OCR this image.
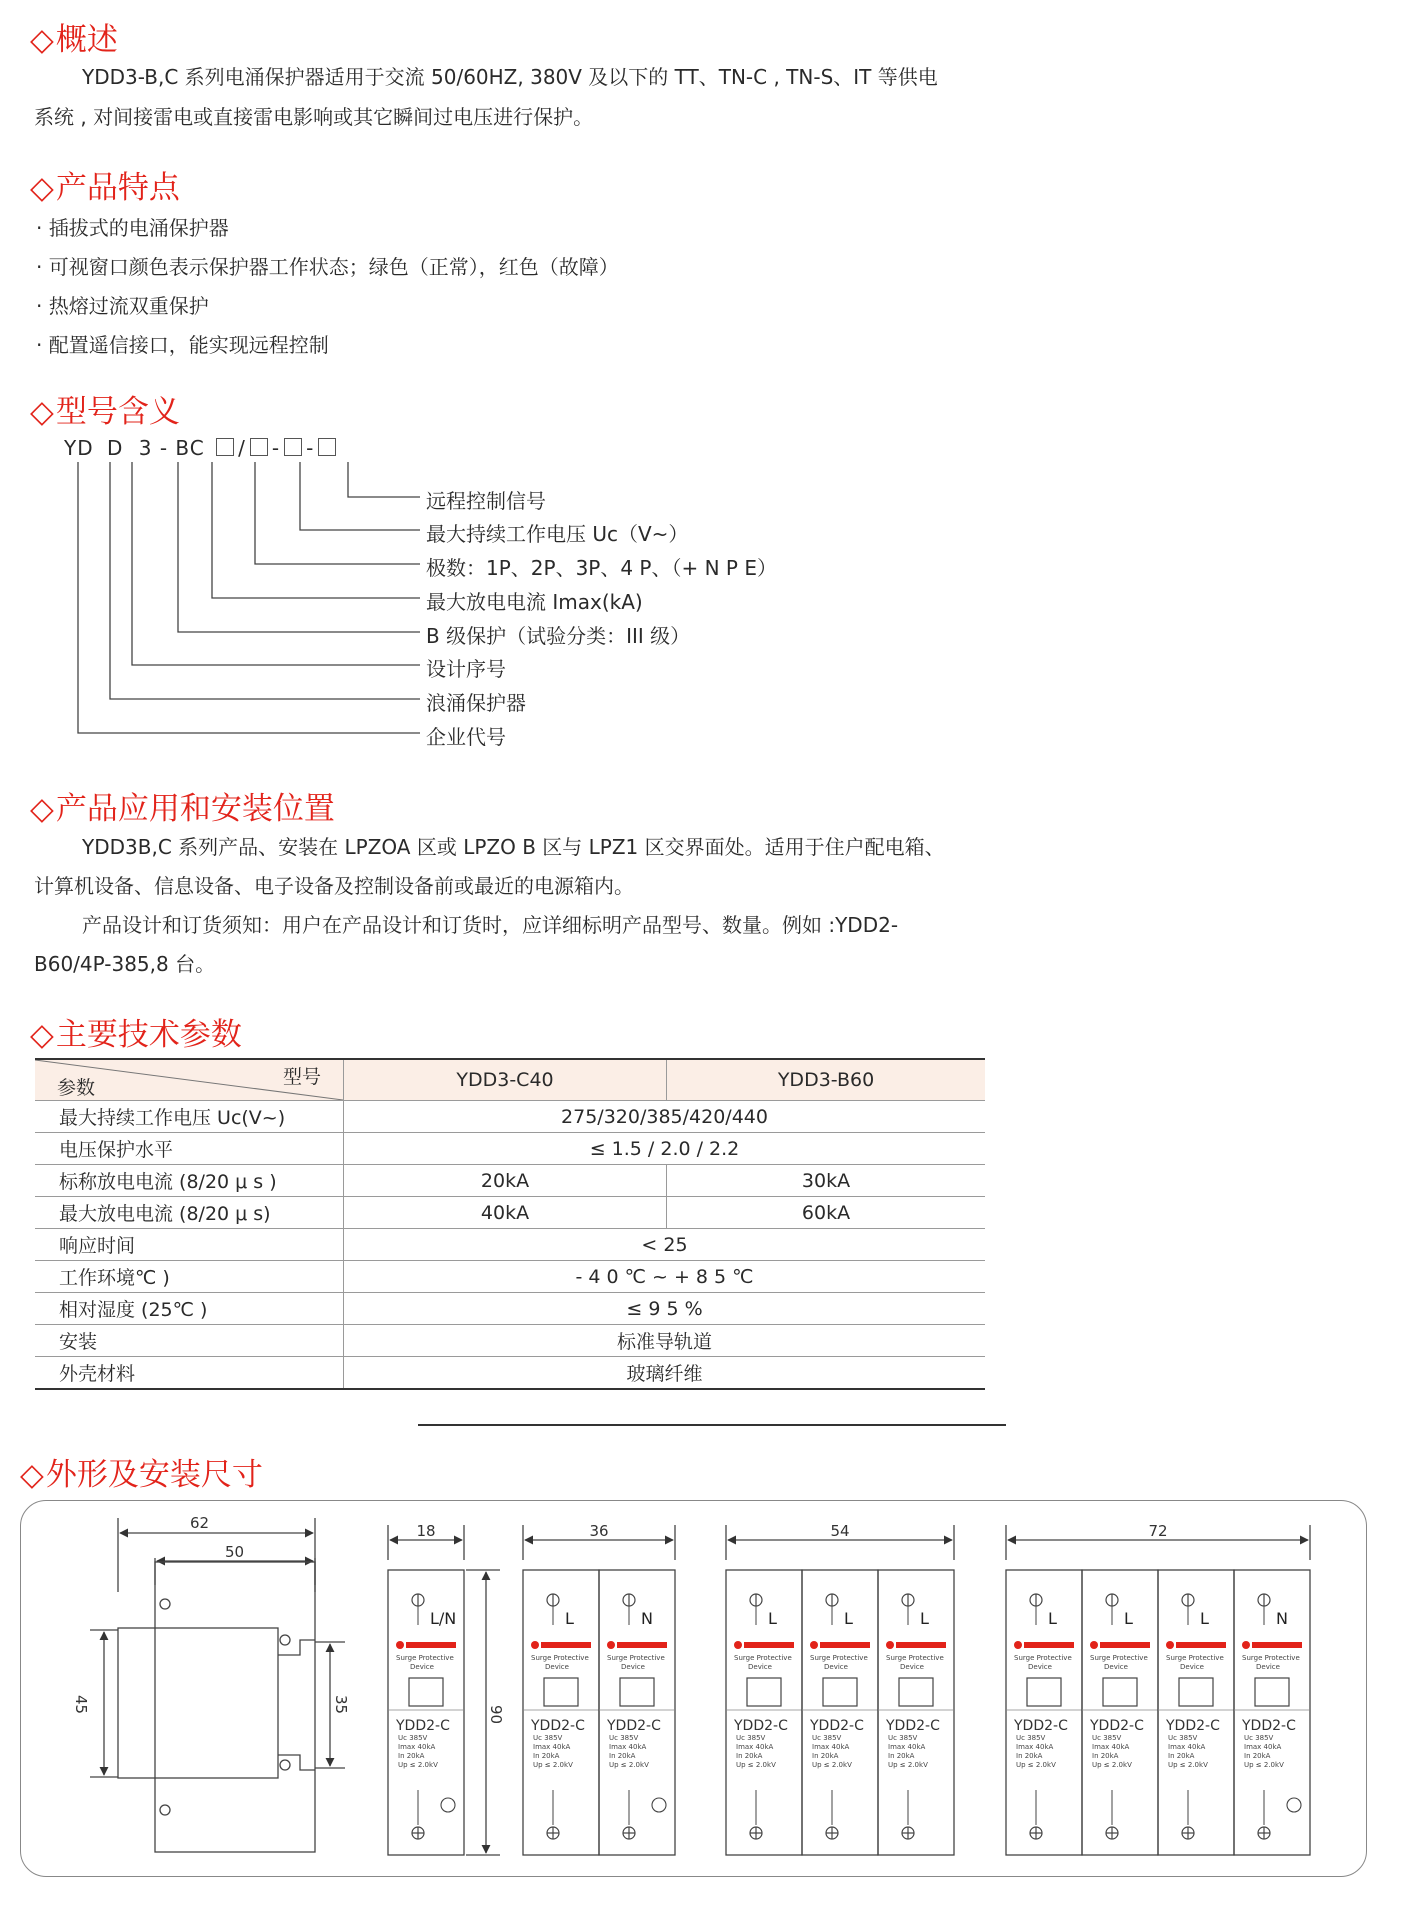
◇概述
YDD3-B,C 系列电涌保护器适用于交流 50/60HZ, 380V 及以下的 TT、TN-C , TN-S、IT 等供电
系统 , 对间接雷电或直接雷电影响或其它瞬间过电压进行保护。
◇产品特点
· 插拔式的电涌保护器
· 可视窗口颜色表示保护器工作状态；绿色（正常），红色（故障）
· 热熔过流双重保护
· 配置遥信接口，能实现远程控制
◇型号含义
YD D 3 - BC / - -
远程控制信号
最大持续工作电压 Uc（V~）
极数：1P、2P、3P、4 P、（+ N P E）
最大放电电流 Imax(kA)
B 级保护（试验分类：III 级）
设计序号
浪涌保护器
企业代号
◇产品应用和安装位置
YDD3B,C 系列产品、安装在 LPZOA 区或 LPZO B 区与 LPZ1 区交界面处。适用于住户配电箱、
计算机设备、信息设备、电子设备及控制设备前或最近的电源箱内。
产品设计和订货须知：用户在产品设计和订货时，应详细标明产品型号、数量。例如 :YDD2-
B60/4P-385,8 台。
◇主要技术参数
型号
参数	YDD3-C40	YDD3-B60
最大持续工作电压 Uc(V~)	275/320/385/420/440	
电压保护水平	≤ 1.5 / 2.0 / 2.2	
标称放电电流 (8/20 μ s )	20kA	30kA
最大放电电流 (8/20 μ s)	40kA	60kA
响应时间	< 25	
工作环境℃ )	- 4 0 ℃ ~ + 8 5 ℃	
相对湿度 (25℃ )	≤ 9 5 %	
安装	标准导轨道	
外壳材料	玻璃纤维	
◇外形及安装尺寸
62
50
45	35
90
18
L/N
Surge Protective
Device
YDD2-C
Uc 385V
Imax 40kA
In 20kA
Up ≤ 2.0kV
36
L
Surge Protective
Device
YDD2-C
Uc 385V
Imax 40kA
In 20kA
Up ≤ 2.0kV
N
Surge Protective
Device
YDD2-C
Uc 385V
Imax 40kA
In 20kA
Up ≤ 2.0kV
54
L
Surge Protective
Device
YDD2-C
Uc 385V
Imax 40kA
In 20kA
Up ≤ 2.0kV
L
Surge Protective
Device
YDD2-C
Uc 385V
Imax 40kA
In 20kA
Up ≤ 2.0kV
L
Surge Protective
Device
YDD2-C
Uc 385V
Imax 40kA
In 20kA
Up ≤ 2.0kV
72
L
Surge Protective
Device
YDD2-C
Uc 385V
Imax 40kA
In 20kA
Up ≤ 2.0kV
L
Surge Protective
Device
YDD2-C
Uc 385V
Imax 40kA
In 20kA
Up ≤ 2.0kV
L
Surge Protective
Device
YDD2-C
Uc 385V
Imax 40kA
In 20kA
Up ≤ 2.0kV
N
Surge Protective
Device
YDD2-C
Uc 385V
Imax 40kA
In 20kA
Up ≤ 2.0kV
